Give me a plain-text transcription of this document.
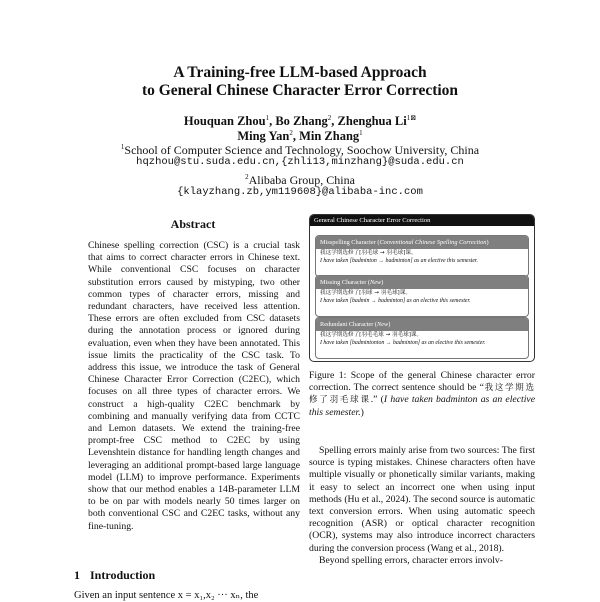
A Training-free LLM-based Approach
to General Chinese Character Error Correction
Houquan Zhou$^1$, Bo Zhang$^2$, Zhenghua $Li^{1⊠}$
Ming Yan$^2$, Min Zhang$^1$
$^1$School of Computer Science and Technology, Soochow University, China
hqzhou@stu.suda.edu.cn,{zhli13,minzhang}@suda.edu.cn
$^2$Alibaba Group, China
{klayzhang.zb,ym119608}@alibaba-inc.com
Abstract
Chinese spelling correction (CSC) is a crucial task that aims to correct character errors in Chinese text. While conventional CSC focuses on character substitution errors caused by mistyping, two other common types of character errors, missing and redundant characters, have received less attention. These errors are often excluded from CSC datasets during the annotation process or ignored during evaluation, even when they have been annotated. This issue limits the practicality of the CSC task. To address this issue, we introduce the task of General Chinese Character Error Correction (C2EC), which focuses on all three types of character errors. We construct a high-quality C2EC benchmark by combining and manually verifying data from CCTC and Lemon datasets. We extend the training-free prompt-free CSC method to C2EC by using Levenshtein distance for handling length changes and leveraging an additional prompt-based large language model (LLM) to improve performance. Experiments show that our method enables a 14B-parameter LLM to be on par with models nearly 50 times larger on both conventional CSC and C2EC tasks, without any fine-tuning.
1 Introduction
Given an input sentence x = x₁,x₂ ··· xₙ, the
General Chinese Character Error Correction
Misspelling Character (Conventional Chinese Spelling Correction)
我这学期选修了[羽⽑球 → 羽毛球]课。
I have taken [badminton → badminton] as an elective this semester.
Missing Character (New)
我这学期选修了[羽球 → 羽毛球]课。
I have taken [badmin → badminton] as an elective this semester.
Redundant Character (New)
我这学期选修了[羽毛毛球 → 羽毛球]课。
I have taken [badmintonton → badminton] as an elective this semester.
Figure 1: Scope of the general Chinese character error correction. The correct sentence should be “我这学期选修了羽毛球课.” (I have taken badminton as an elective this semester.)

Spelling errors mainly arise from two sources: The first source is typing mistakes. Chinese characters often have multiple visually or phonetically similar variants, making it easy to select an incorrect one when using input methods (Hu et al., 2024). The second source is automatic text conversion errors. When using automatic speech recognition (ASR) or optical character recognition (OCR), systems may also introduce incorrect characters during the conversion process (Wang et al., 2018).

Beyond spelling errors, character errors involv-
